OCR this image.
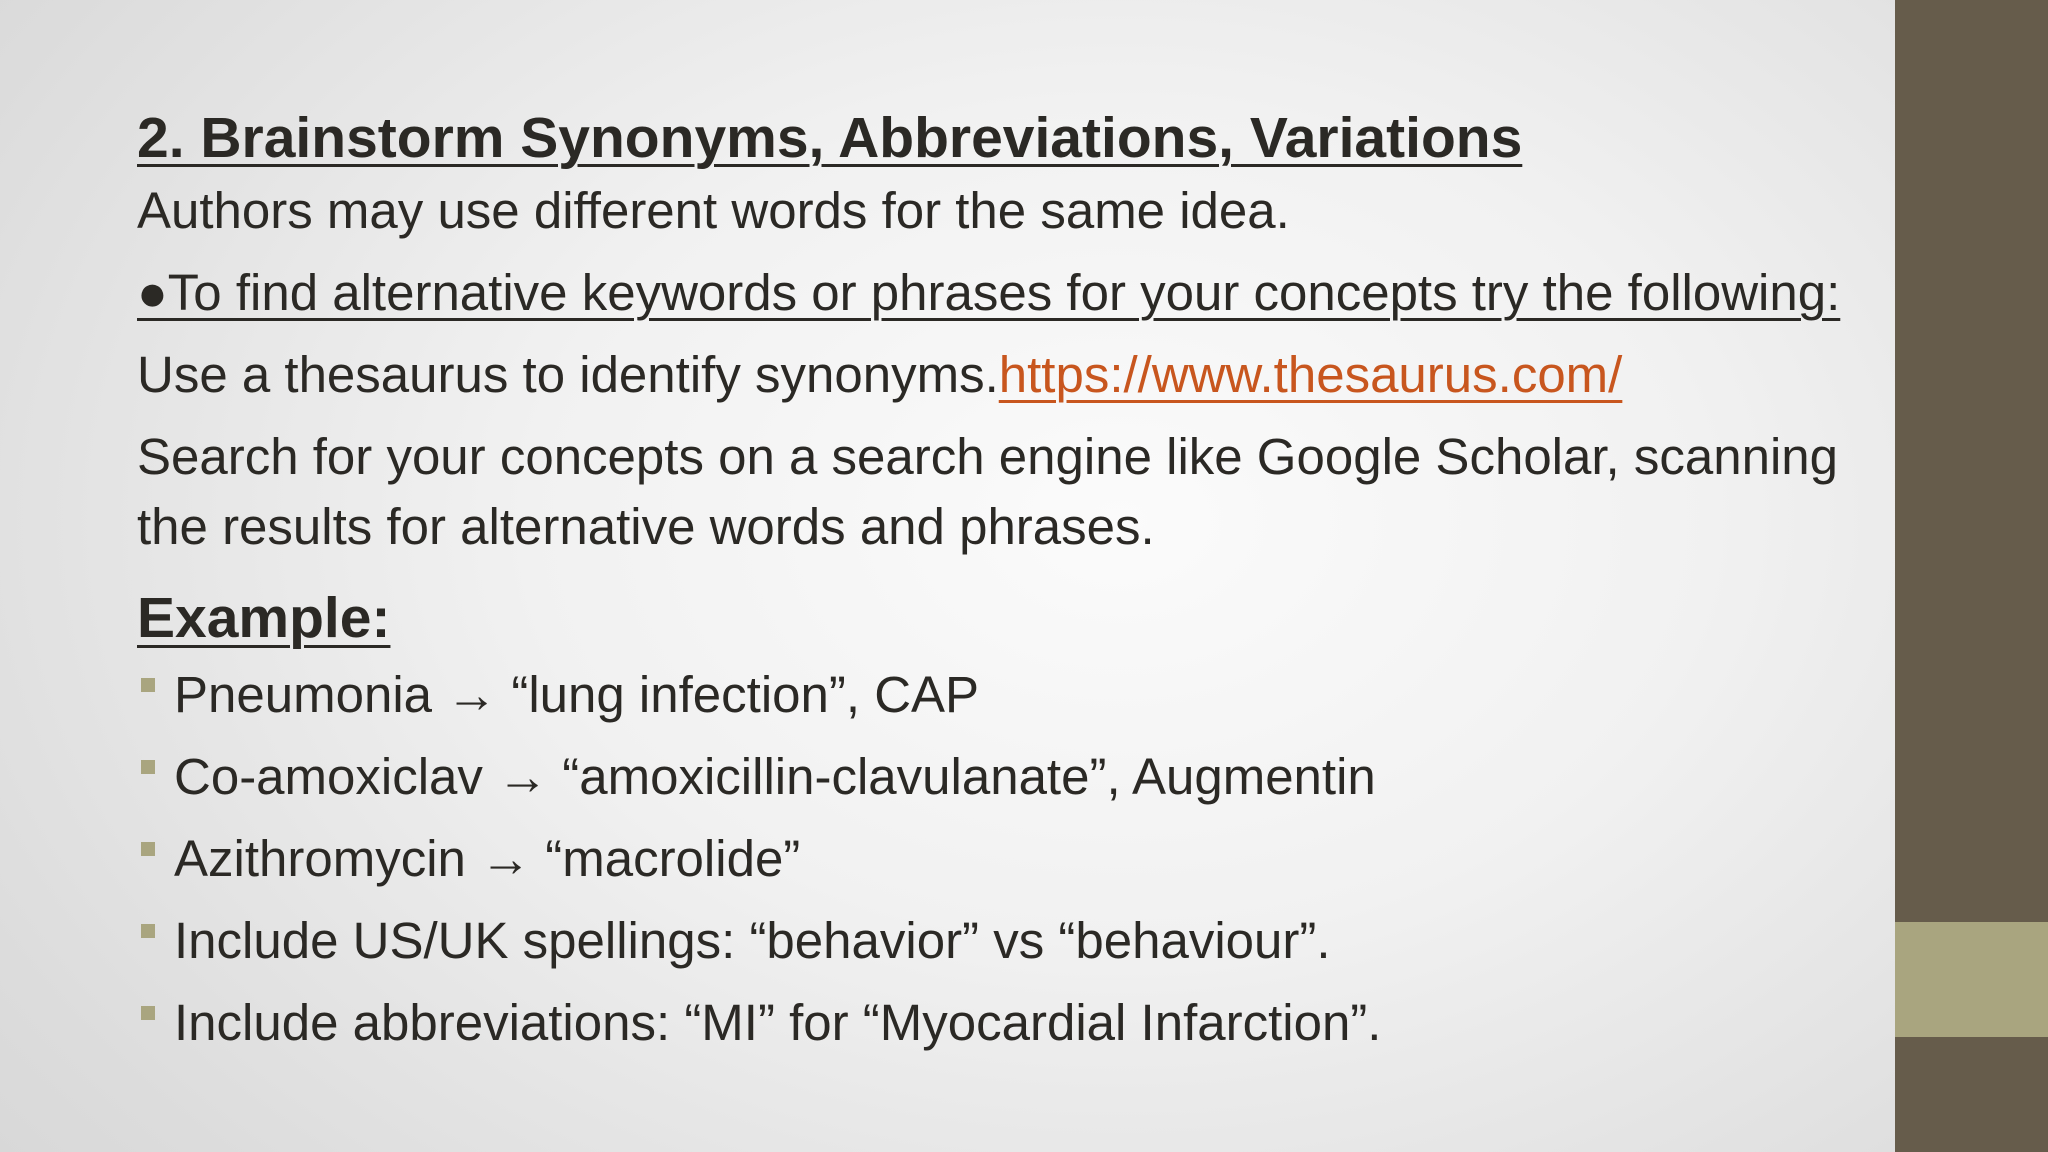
2. Brainstorm Synonyms, Abbreviations, Variations

Authors may use different words for the same idea.

●To find alternative keywords or phrases for your concepts try the following:

Use a thesaurus to identify synonyms.https://www.thesaurus.com/

Search for your concepts on a search engine like Google Scholar, scanning the results for alternative words and phrases.

Example:
Pneumonia → “lung infection”, CAP
Co-amoxiclav → “amoxicillin-clavulanate”, Augmentin
Azithromycin → “macrolide”
Include US/UK spellings: “behavior” vs “behaviour”.
Include abbreviations: “MI” for “Myocardial Infarction”.
